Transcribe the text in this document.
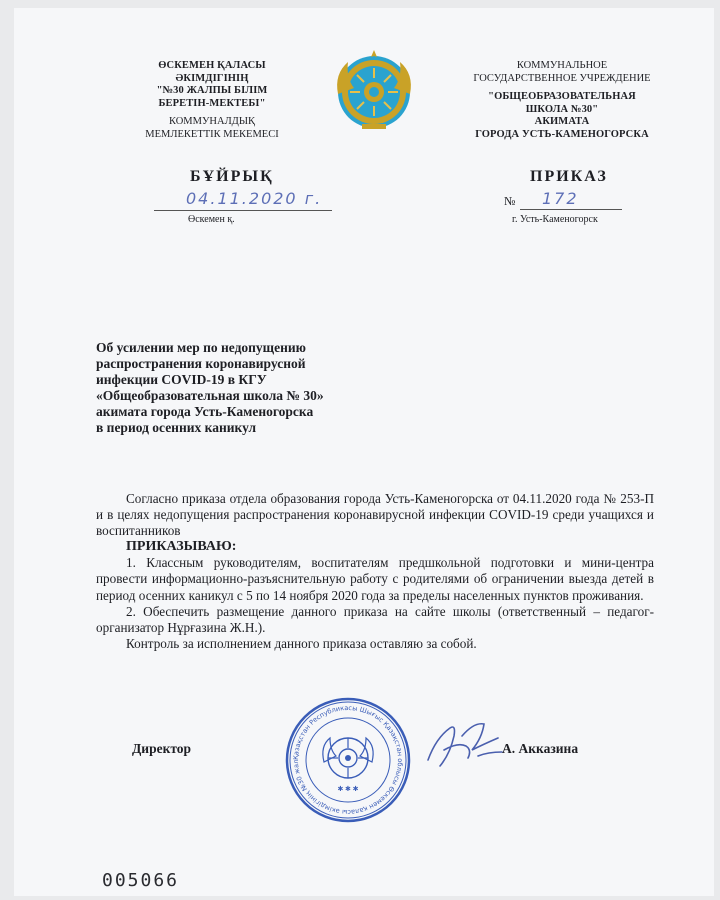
ӨСКЕМЕН ҚАЛАСЫ
ӘКІМДІГІНІҢ
"№30 ЖАЛПЫ БІЛІМ
БЕРЕТІН-МЕКТЕБІ"
КОММУНАЛДЫҚ
МЕМЛЕКЕТТІК МЕКЕМЕСІ
КОММУНАЛЬНОЕ
ГОСУДАРСТВЕННОЕ УЧРЕЖДЕНИЕ
"ОБЩЕОБРАЗОВАТЕЛЬНАЯ
ШКОЛА №30"
АКИМАТА
ГОРОДА УСТЬ-КАМЕНОГОРСКА
БҰЙРЫҚ	ПРИКАЗ
04.11.2020 г.
Өскемен қ.
№ 172
г. Усть-Каменогорск
Об усилении мер по недопущению
распространения коронавирусной
инфекции COVID-19 в КГУ
«Общеобразовательная школа № 30»
акимата города Усть-Каменогорска
в период осенних каникул

Согласно приказа отдела образования города Усть-Каменогорска от 04.11.2020 года № 253-П и в целях недопущения распространения коронавирусной инфекции COVID-19 среди учащихся и воспитанников

ПРИКАЗЫВАЮ:

1. Классным руководителям, воспитателям предшкольной подготовки и мини-центра провести информационно-разъяснительную работу с родителями об ограничении выезда детей в период осенних каникул с 5 по 14 ноября 2020 года за пределы населенных пунктов проживания.

2. Обеспечить размещение данного приказа на сайте школы (ответственный – педагог-организатор Нұрғазина Ж.Н.).

Контроль за исполнением данного приказа оставляю за собой.

Қазақстан Республикасы Шығыс Қазақстан облысы Өскемен қаласы әкімдігінің №30 жал
✱ ✱ ✱
Директор	А. Акказина
005066
